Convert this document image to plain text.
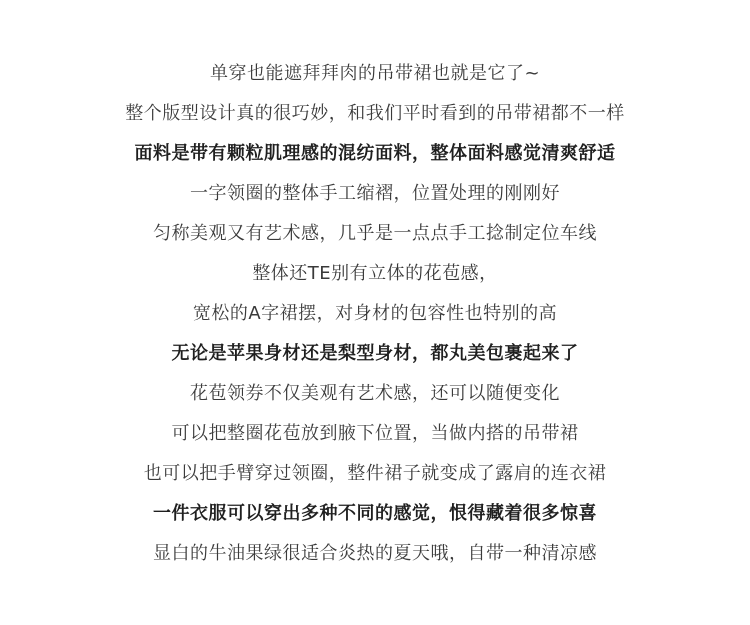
单穿也能遮拜拜肉的吊带裙也就是它了~
整个版型设计真的很巧妙，和我们平时看到的吊带裙都不一样
面料是带有颗粒肌理感的混纺面料，整体面料感觉清爽舒适
一字领圈的整体手工缩褶，位置处理的刚刚好
匀称美观又有艺术感，几乎是一点点手工捻制定位车线
整体还TE别有立体的花苞感，
宽松的A字裙摆，对身材的包容性也特别的高
无论是苹果身材还是梨型身材，都丸美包裹起来了
花苞领券不仅美观有艺术感，还可以随便变化
可以把整圈花苞放到腋下位置，当做内搭的吊带裙
也可以把手臂穿过领圈，整件裙子就变成了露肩的连衣裙
一件衣服可以穿出多种不同的感觉，恨得藏着很多惊喜
显白的牛油果绿很适合炎热的夏天哦，自带一种清凉感
